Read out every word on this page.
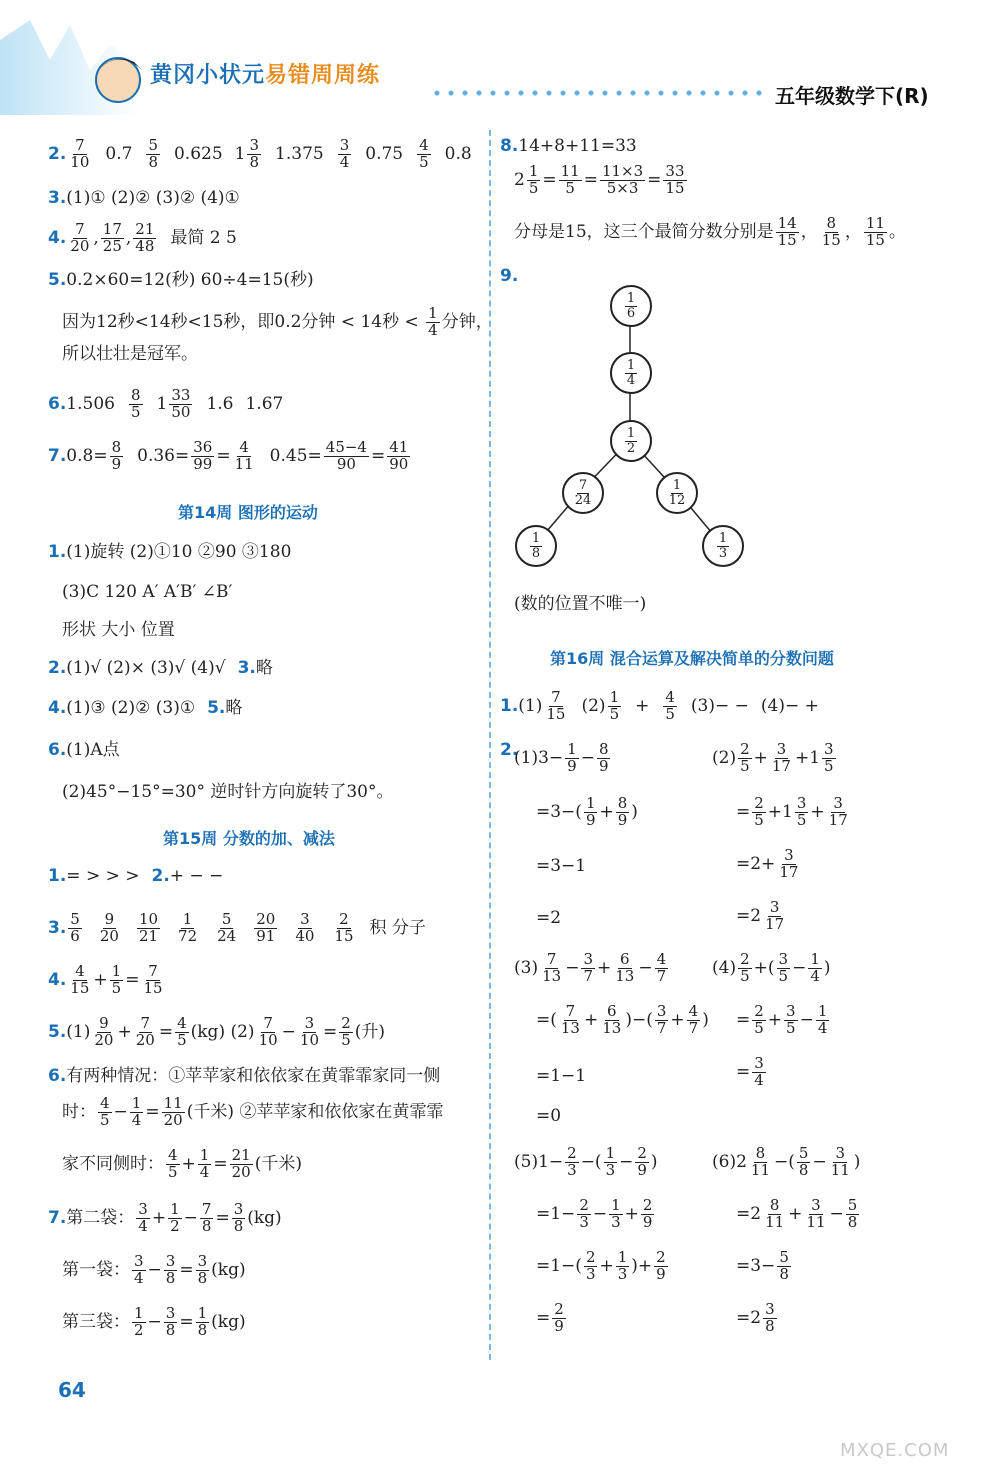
黄冈小状元易错周周练
五年级数学下(R)
2. $\frac{7}{10} 0.7 \frac{5}{8} 0.625$ $1 \frac{3}{8} 1.375 \frac{3}{4} 0.75 \frac{4}{5} 0.8$
3.(1)① (2)② (3)② (4)①
4. $\frac{7}{20}$ , $\frac{17}{25}$ , $\frac{21}{48}$ 最简 2 5
5.0.2×60=12(秒) 60÷4=15(秒)
因为12秒<14秒<15秒，即0.2分钟 < 14秒 < $\frac{1}{4}$ 分钟，
所以壮壮是冠军。
$6.1.506 \frac{8}{5} 1 \frac{33}{50} 1.6$ 1.67
$7.0.8= \frac{8}{9} 0.36= \frac{36}{99} = \frac{4}{11} 0.45= \frac{45-4}{90} = \frac{41}{90}$
第14周 图形的运动
1.(1)旋转 (2)①10 ②90 ③180
(3)C 120 A′ A′B′ ∠B′
形状 大小 位置
2.(1)√ (2)× (3)√ (4)√ 3.略
4.(1)③ (2)② (3)① 5.略
6.(1)A点
(2)45°−15°=30° 逆时针方向旋转了30°。
第15周 分数的加、减法
1.= > > > 2.+ − −
3. $\frac{5}{6} \frac{9}{20} \frac{10}{21} \frac{1}{72} \frac{5}{24} \frac{20}{91} \frac{3}{40} \frac{2}{15}$ 积 分子
4. $\frac{4}{15} + \frac{1}{5} = \frac{7}{15}$
$5.(1) \frac{9}{20} + \frac{7}{20} = \frac{4}{5} (kg)$ $(2) \frac{7}{10} - \frac{3}{10} = \frac{2}{5}$ (升)
6.有两种情况：①苹苹家和依依家在黄霏霏家同一侧
时： $\frac{4}{5} - \frac{1}{4} = \frac{11}{20}$ (千米) ②苹苹家和依依家在黄霏霏
家不同侧时： $\frac{4}{5} + \frac{1}{4} = \frac{21}{20}$ (千米)
7.第二袋： $\frac{3}{4} + \frac{1}{2} - \frac{7}{8} = \frac{3}{8} (kg)$
第一袋： $\frac{3}{4} - \frac{3}{8} = \frac{3}{8} (kg)$
第三袋： $\frac{1}{2} - \frac{3}{8} = \frac{1}{8} (kg)$
8.14+8+11=33
$2 \frac{1}{5} = \frac{11}{5} = \frac{11\times 3}{5\times 3} = \frac{33}{15}$
分母是15，这三个最简分数分别是 $\frac{14}{15}$ ， $\frac{8}{15}$ ， $\frac{11}{15}$ 。
9.
(数的位置不唯一)
第16周 混合运算及解决简单的分数问题
$1.(1) \frac{7}{15} (2) \frac{1}{5} + \frac{4}{5} (3)- - (4)-$ +
2.
$(1)3- \frac{1}{9} - \frac{8}{9}$
$=3-( \frac{1}{9} + \frac{8}{9}$ )
=3−1
=2
$(2) \frac{2}{5} + \frac{3}{17} +1 \frac{3}{5}$
= $\frac{2}{5} +1 \frac{3}{5} + \frac{3}{17}$
$=2+ \frac{3}{17}$
$=2 \frac{3}{17}$
$(3) \frac{7}{13} - \frac{3}{7} + \frac{6}{13} - \frac{4}{7}$
=( $\frac{7}{13} + \frac{6}{13}$ )−( $\frac{3}{7} + \frac{4}{7}$ )
=1−1
=0
$(4) \frac{2}{5}$ +( $\frac{3}{5} - \frac{1}{4}$ )
= $\frac{2}{5} + \frac{3}{5} - \frac{1}{4}$
= $\frac{3}{4}$
$(5)1- \frac{2}{3}$ −( $\frac{1}{3} - \frac{2}{9}$ )
$=1- \frac{2}{3} - \frac{1}{3} + \frac{2}{9}$
$=1-( \frac{2}{3} + \frac{1}{3}$ )+ $\frac{2}{9}$
= $\frac{2}{9}$
$(6)2 \frac{8}{11}$ −( $\frac{5}{8} - \frac{3}{11}$ )
$=2 \frac{8}{11} + \frac{3}{11} - \frac{5}{8}$
$=3- \frac{5}{8}$
$=2 \frac{3}{8}$
1
6
1
4
1
2
7
24
1
12
1
8
1
3
64
MXQE.COM
